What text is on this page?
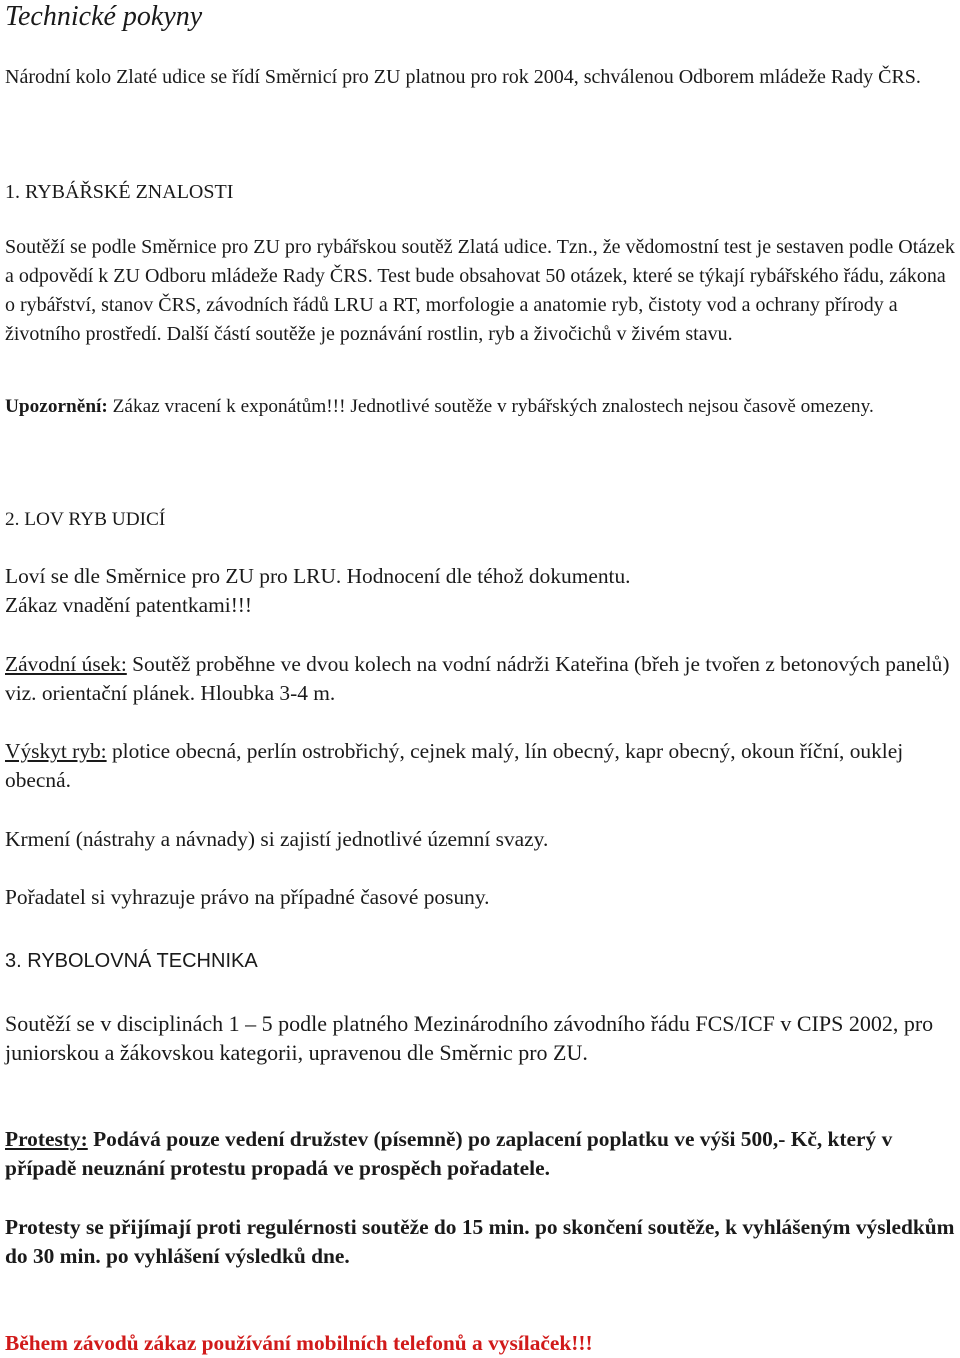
Technické pokyny

Národní kolo Zlaté udice se řídí Směrnicí pro ZU platnou pro rok 2004, schválenou Odborem mládeže Rady ČRS.

1. RYBÁŘSKÉ ZNALOSTI

Soutěží se podle Směrnice pro ZU pro rybářskou soutěž Zlatá udice. Tzn., že vědomostní test je sestaven podle Otázek a odpovědí k ZU Odboru mládeže Rady ČRS. Test bude obsahovat 50 otázek, které se týkají rybářského řádu, zákona o rybářství, stanov ČRS, závodních řádů LRU a RT, morfologie a anatomie ryb, čistoty vod a ochrany přírody a životního prostředí. Další částí soutěže je poznávání rostlin, ryb a živočichů v živém stavu.

Upozornění: Zákaz vracení k exponátům!!! Jednotlivé soutěže v rybářských znalostech nejsou časově omezeny.

2. LOV RYB UDICÍ

Loví se dle Směrnice pro ZU pro LRU. Hodnocení dle téhož dokumentu.

Zákaz vnadění patentkami!!!

Závodní úsek: Soutěž proběhne ve dvou kolech na vodní nádrži Kateřina (břeh je tvořen z betonových panelů) viz. orientační plánek. Hloubka 3-4 m.

Výskyt ryb: plotice obecná, perlín ostrobřichý, cejnek malý, lín obecný, kapr obecný, okoun říční, ouklej obecná.

Krmení (nástrahy a návnady) si zajistí jednotlivé územní svazy.

Pořadatel si vyhrazuje právo na případné časové posuny.

3. RYBOLOVNÁ TECHNIKA

Soutěží se v disciplinách 1 – 5 podle platného Mezinárodního závodního řádu FCS/ICF v CIPS 2002, pro juniorskou a žákovskou kategorii, upravenou dle Směrnic pro ZU.

Protesty: Podává pouze vedení družstev (písemně) po zaplacení poplatku ve výši 500,- Kč, který v případě neuznání protestu propadá ve prospěch pořadatele.

Protesty se přijímají proti regulérnosti soutěže do 15 min. po skončení soutěže, k vyhlášeným výsledkům do 30 min. po vyhlášení výsledků dne.

Během závodů zákaz používání mobilních telefonů a vysílaček!!!
